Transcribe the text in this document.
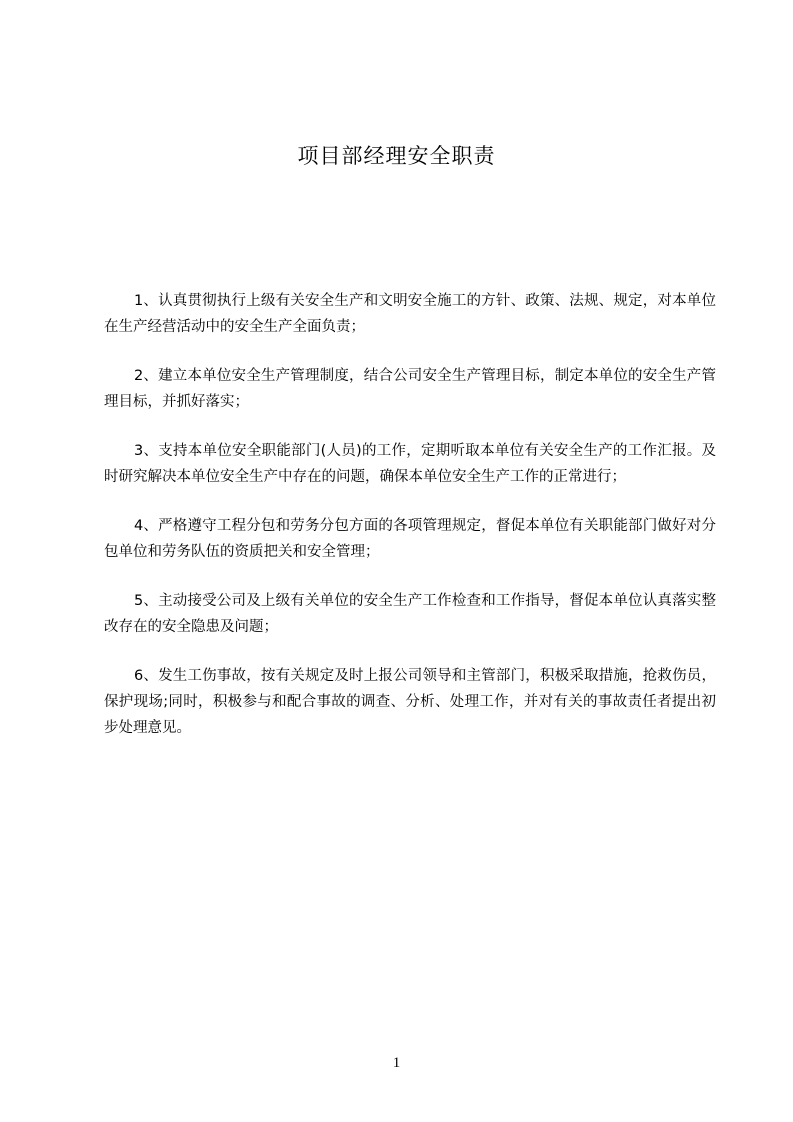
项目部经理安全职责

1、认真贯彻执行上级有关安全生产和文明安全施工的方针、政策、法规、规定，对本单位在生产经营活动中的安全生产全面负责；

2、建立本单位安全生产管理制度，结合公司安全生产管理目标，制定本单位的安全生产管理目标，并抓好落实；

3、支持本单位安全职能部门(人员)的工作，定期听取本单位有关安全生产的工作汇报。及时研究解决本单位安全生产中存在的问题，确保本单位安全生产工作的正常进行；

4、严格遵守工程分包和劳务分包方面的各项管理规定，督促本单位有关职能部门做好对分包单位和劳务队伍的资质把关和安全管理；

5、主动接受公司及上级有关单位的安全生产工作检查和工作指导，督促本单位认真落实整改存在的安全隐患及问题；

6、发生工伤事故，按有关规定及时上报公司领导和主管部门，积极采取措施，抢救伤员，保护现场;同时，积极参与和配合事故的调查、分析、处理工作，并对有关的事故责任者提出初步处理意见。

1
